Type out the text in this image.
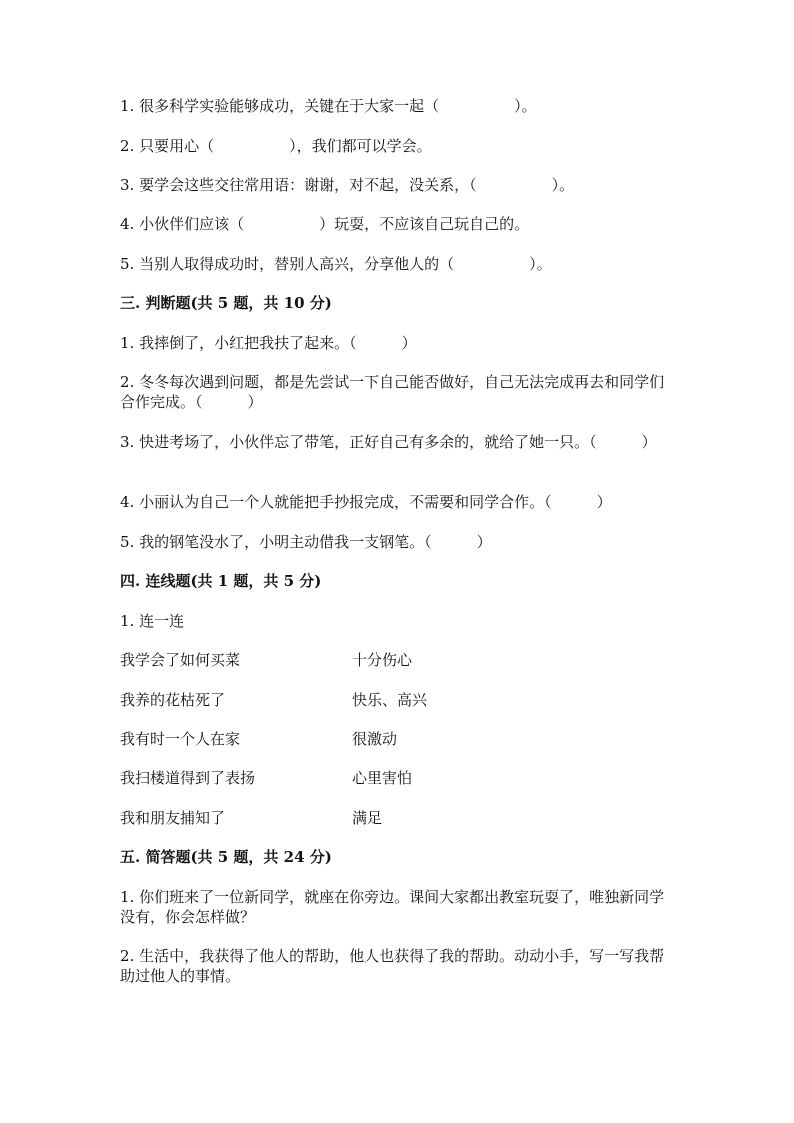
1. 很多科学实验能够成功，关键在于大家一起（　　　　　）。
2. 只要用心（　　　　　），我们都可以学会。
3. 要学会这些交往常用语：谢谢，对不起，没关系，（　　　　　）。
4. 小伙伴们应该（　　　　　）玩耍，不应该自己玩自己的。
5. 当别人取得成功时，替别人高兴，分享他人的（　　　　　）。
三. 判断题(共 5 题，共 10 分)
1. 我摔倒了，小红把我扶了起来。（　　　）
2. 冬冬每次遇到问题，都是先尝试一下自己能否做好，自己无法完成再去和同学们合作完成。（　　　）
3. 快进考场了，小伙伴忘了带笔，正好自己有多余的，就给了她一只。（　　　）
4. 小丽认为自己一个人就能把手抄报完成，不需要和同学合作。（　　　）
5. 我的钢笔没水了，小明主动借我一支钢笔。（　　　）
四. 连线题(共 1 题，共 5 分)
1. 连一连
我学会了如何买菜	十分伤心
我养的花枯死了	快乐、高兴
我有时一个人在家	很激动
我扫楼道得到了表扬	心里害怕
我和朋友捕知了	满足
五. 简答题(共 5 题，共 24 分)
1. 你们班来了一位新同学，就座在你旁边。课间大家都出教室玩耍了，唯独新同学没有，你会怎样做？
2. 生活中，我获得了他人的帮助，他人也获得了我的帮助。动动小手，写一写我帮助过他人的事情。
